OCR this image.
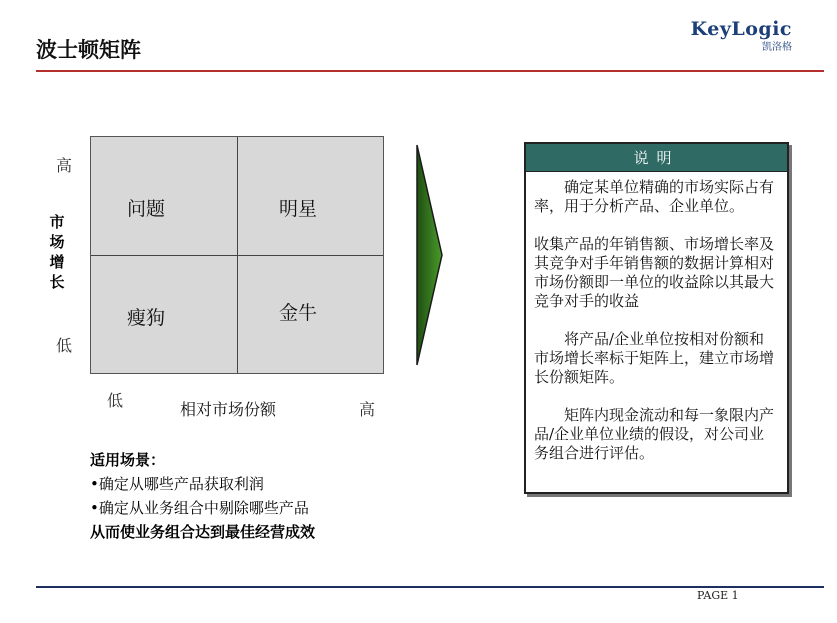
波士顿矩阵
KeyLogic
凯洛格
高
市场增长
低
问题	明星
瘦狗	金牛
低	相对市场份额	高
适用场景：
•确定从哪些产品获取利润
•确定从业务组合中剔除哪些产品
从而使业务组合达到最佳经营成效
说明

确定某单位精确的市场实际占有率，用于分析产品、企业单位。

收集产品的年销售额、市场增长率及其竞争对手年销售额的数据计算相对市场份额即一单位的收益除以其最大竞争对手的收益

将产品/企业单位按相对份额和市场增长率标于矩阵上，建立市场增长份额矩阵。

矩阵内现金流动和每一象限内产品/企业单位业绩的假设，对公司业务组合进行评估。

PAGE 1
